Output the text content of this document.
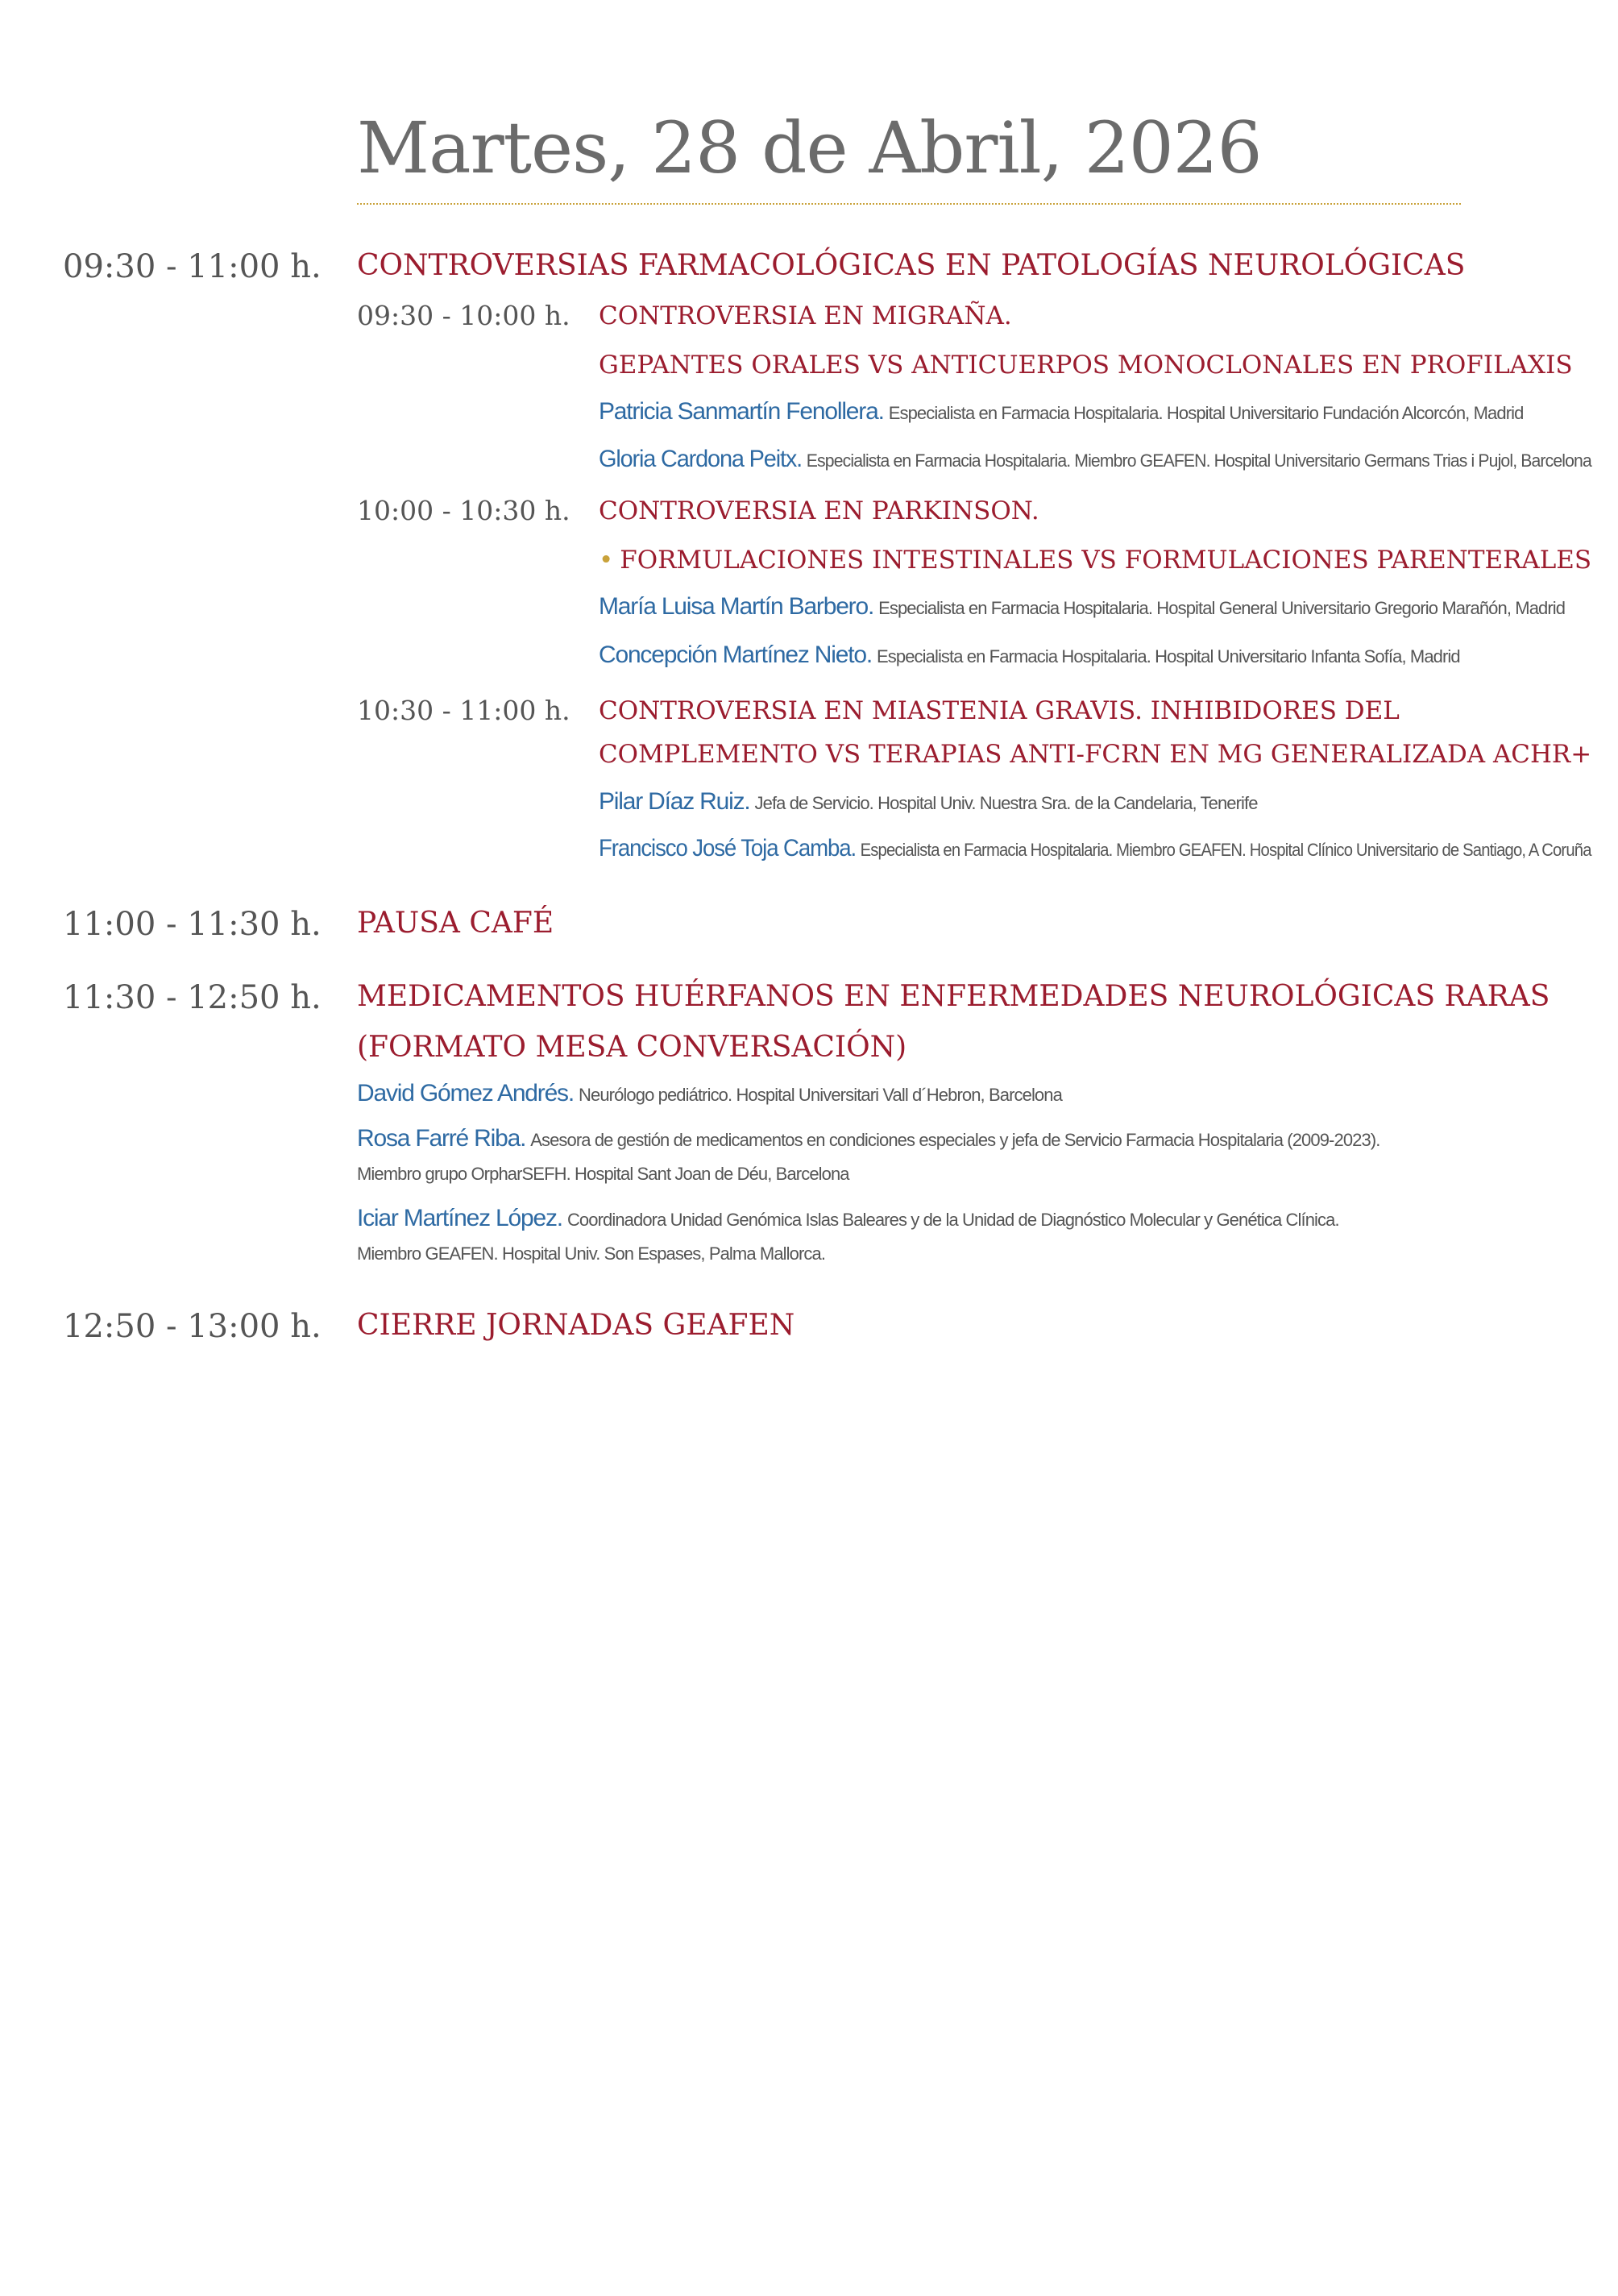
Martes, 28 de Abril, 2026
09:30 - 11:00 h. CONTROVERSIAS FARMACOLÓGICAS EN PATOLOGÍAS NEUROLÓGICAS
09:30 - 10:00 h. CONTROVERSIA EN MIGRAÑA.
GEPANTES ORALES VS ANTICUERPOS MONOCLONALES EN PROFILAXIS
Patricia Sanmartín Fenollera. Especialista en Farmacia Hospitalaria. Hospital Universitario Fundación Alcorcón, Madrid
Gloria Cardona Peitx. Especialista en Farmacia Hospitalaria. Miembro GEAFEN. Hospital Universitario Germans Trias i Pujol, Barcelona
10:00 - 10:30 h. CONTROVERSIA EN PARKINSON.
• FORMULACIONES INTESTINALES VS FORMULACIONES PARENTERALES
María Luisa Martín Barbero. Especialista en Farmacia Hospitalaria. Hospital General Universitario Gregorio Marañón, Madrid
Concepción Martínez Nieto. Especialista en Farmacia Hospitalaria. Hospital Universitario Infanta Sofía, Madrid
10:30 - 11:00 h. CONTROVERSIA EN MIASTENIA GRAVIS. INHIBIDORES DEL
COMPLEMENTO VS TERAPIAS ANTI-FCRN EN MG GENERALIZADA ACHR+
Pilar Díaz Ruiz. Jefa de Servicio. Hospital Univ. Nuestra Sra. de la Candelaria, Tenerife
Francisco José Toja Camba. Especialista en Farmacia Hospitalaria. Miembro GEAFEN. Hospital Clínico Universitario de Santiago, A Coruña
11:00 - 11:30 h. PAUSA CAFÉ
11:30 - 12:50 h. MEDICAMENTOS HUÉRFANOS EN ENFERMEDADES NEUROLÓGICAS RARAS
(FORMATO MESA CONVERSACIÓN)
David Gómez Andrés. Neurólogo pediátrico. Hospital Universitari Vall d´Hebron, Barcelona
Rosa Farré Riba. Asesora de gestión de medicamentos en condiciones especiales y jefa de Servicio Farmacia Hospitalaria (2009-2023).
Miembro grupo OrpharSEFH. Hospital Sant Joan de Déu, Barcelona
Iciar Martínez López. Coordinadora Unidad Genómica Islas Baleares y de la Unidad de Diagnóstico Molecular y Genética Clínica.
Miembro GEAFEN. Hospital Univ. Son Espases, Palma Mallorca.
12:50 - 13:00 h. CIERRE JORNADAS GEAFEN
